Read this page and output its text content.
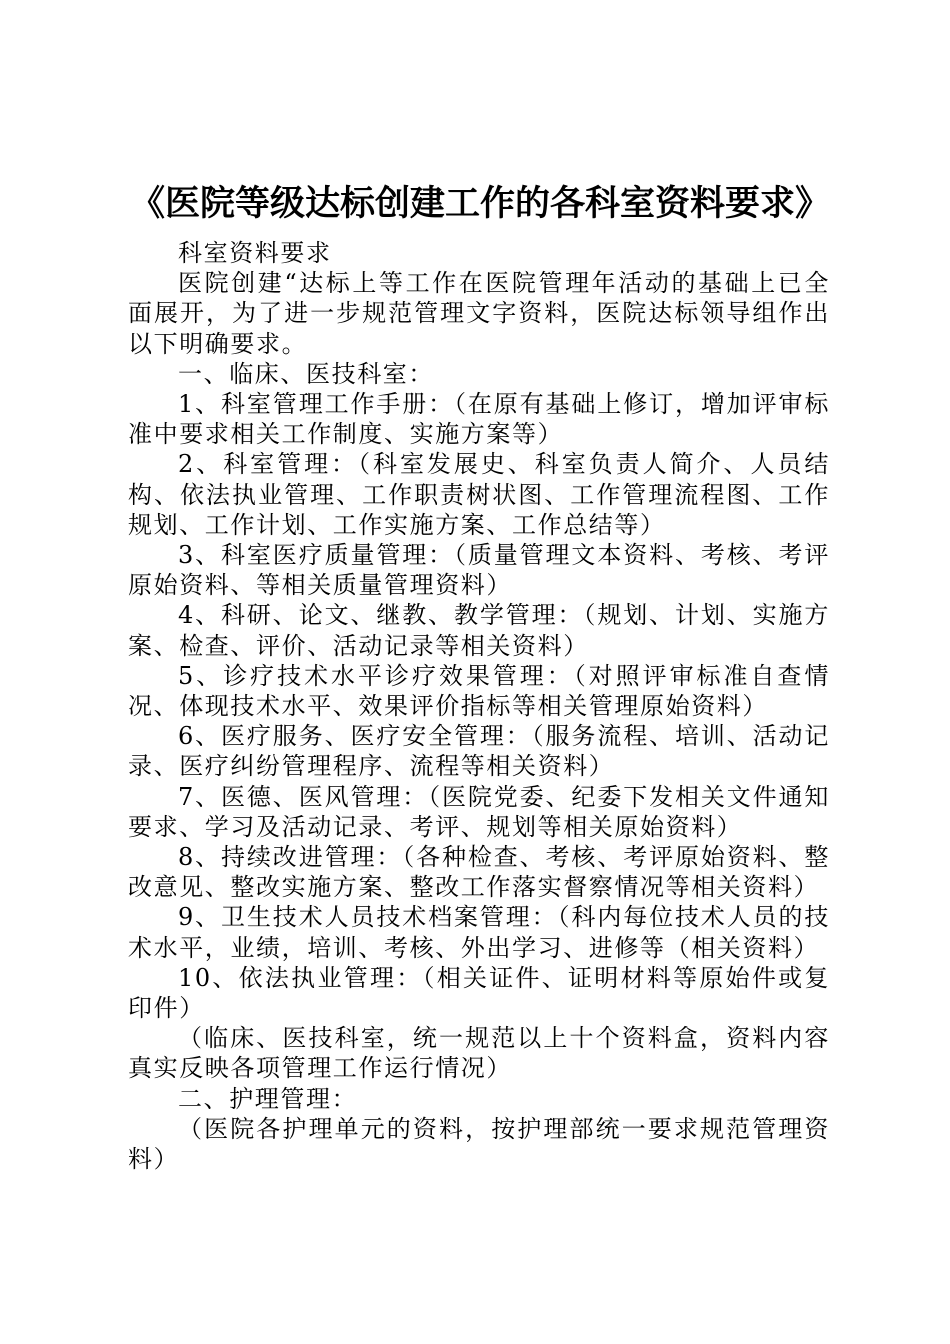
《医院等级达标创建工作的各科室资料要求》

科室资料要求

医院创建“达标上等工作在医院管理年活动的基础上已全面展开，为了进一步规范管理文字资料，医院达标领导组作出以下明确要求。

一、临床、医技科室：

1、科室管理工作手册：（在原有基础上修订，增加评审标准中要求相关工作制度、实施方案等）

2、科室管理：（科室发展史、科室负责人简介、人员结构、依法执业管理、工作职责树状图、工作管理流程图、工作规划、工作计划、工作实施方案、工作总结等）

3、科室医疗质量管理：（质量管理文本资料、考核、考评原始资料、等相关质量管理资料）

4、科研、论文、继教、教学管理：（规划、计划、实施方案、检查、评价、活动记录等相关资料）

5、诊疗技术水平诊疗效果管理：（对照评审标准自查情况、体现技术水平、效果评价指标等相关管理原始资料）

6、医疗服务、医疗安全管理：（服务流程、培训、活动记录、医疗纠纷管理程序、流程等相关资料）

7、医德、医风管理：（医院党委、纪委下发相关文件通知要求、学习及活动记录、考评、规划等相关原始资料）

8、持续改进管理：（各种检查、考核、考评原始资料、整改意见、整改实施方案、整改工作落实督察情况等相关资料）

9、卫生技术人员技术档案管理：（科内每位技术人员的技术水平，业绩，培训、考核、外出学习、进修等（相关资料）

10、依法执业管理：（相关证件、证明材料等原始件或复印件）

（临床、医技科室，统一规范以上十个资料盒，资料内容真实反映各项管理工作运行情况）

二、护理管理：

（医院各护理单元的资料，按护理部统一要求规范管理资料）
